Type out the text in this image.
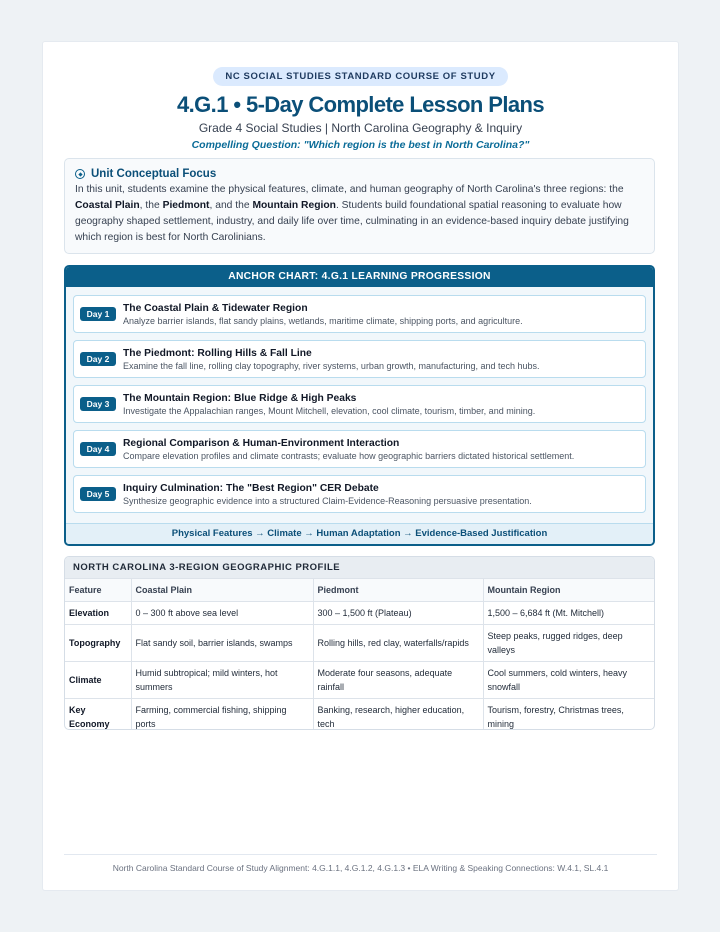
NC SOCIAL STUDIES STANDARD COURSE OF STUDY
4.G.1 • 5-Day Complete Lesson Plans
Grade 4 Social Studies | North Carolina Geography & Inquiry
Compelling Question: "Which region is the best in North Carolina?"
Unit Conceptual Focus
In this unit, students examine the physical features, climate, and human geography of North Carolina's three regions: the Coastal Plain, the Piedmont, and the Mountain Region. Students build foundational spatial reasoning to evaluate how geography shaped settlement, industry, and daily life over time, culminating in an evidence-based inquiry debate justifying which region is best for North Carolinians.
ANCHOR CHART: 4.G.1 LEARNING PROGRESSION
Day 1
The Coastal Plain & Tidewater Region
Analyze barrier islands, flat sandy plains, wetlands, maritime climate, shipping ports, and agriculture.
Day 2
The Piedmont: Rolling Hills & Fall Line
Examine the fall line, rolling clay topography, river systems, urban growth, manufacturing, and tech hubs.
Day 3
The Mountain Region: Blue Ridge & High Peaks
Investigate the Appalachian ranges, Mount Mitchell, elevation, cool climate, tourism, timber, and mining.
Day 4
Regional Comparison & Human-Environment Interaction
Compare elevation profiles and climate contrasts; evaluate how geographic barriers dictated historical settlement.
Day 5
Inquiry Culmination: The "Best Region" CER Debate
Synthesize geographic evidence into a structured Claim-Evidence-Reasoning persuasive presentation.
Physical Features → Climate → Human Adaptation → Evidence-Based Justification
NORTH CAROLINA 3-REGION GEOGRAPHIC PROFILE
Feature	Coastal Plain	Piedmont	Mountain Region
Elevation	0 – 300 ft above sea level	300 – 1,500 ft (Plateau)	1,500 – 6,684 ft (Mt. Mitchell)
Topography	Flat sandy soil, barrier islands, swamps	Rolling hills, red clay, waterfalls/rapids	Steep peaks, rugged ridges, deep valleys
Climate	Humid subtropical; mild winters, hot summers	Moderate four seasons, adequate rainfall	Cool summers, cold winters, heavy snowfall
Key Economy	Farming, commercial fishing, shipping ports	Banking, research, higher education, tech	Tourism, forestry, Christmas trees, mining
North Carolina Standard Course of Study Alignment: 4.G.1.1, 4.G.1.2, 4.G.1.3 • ELA Writing & Speaking Connections: W.4.1, SL.4.1
